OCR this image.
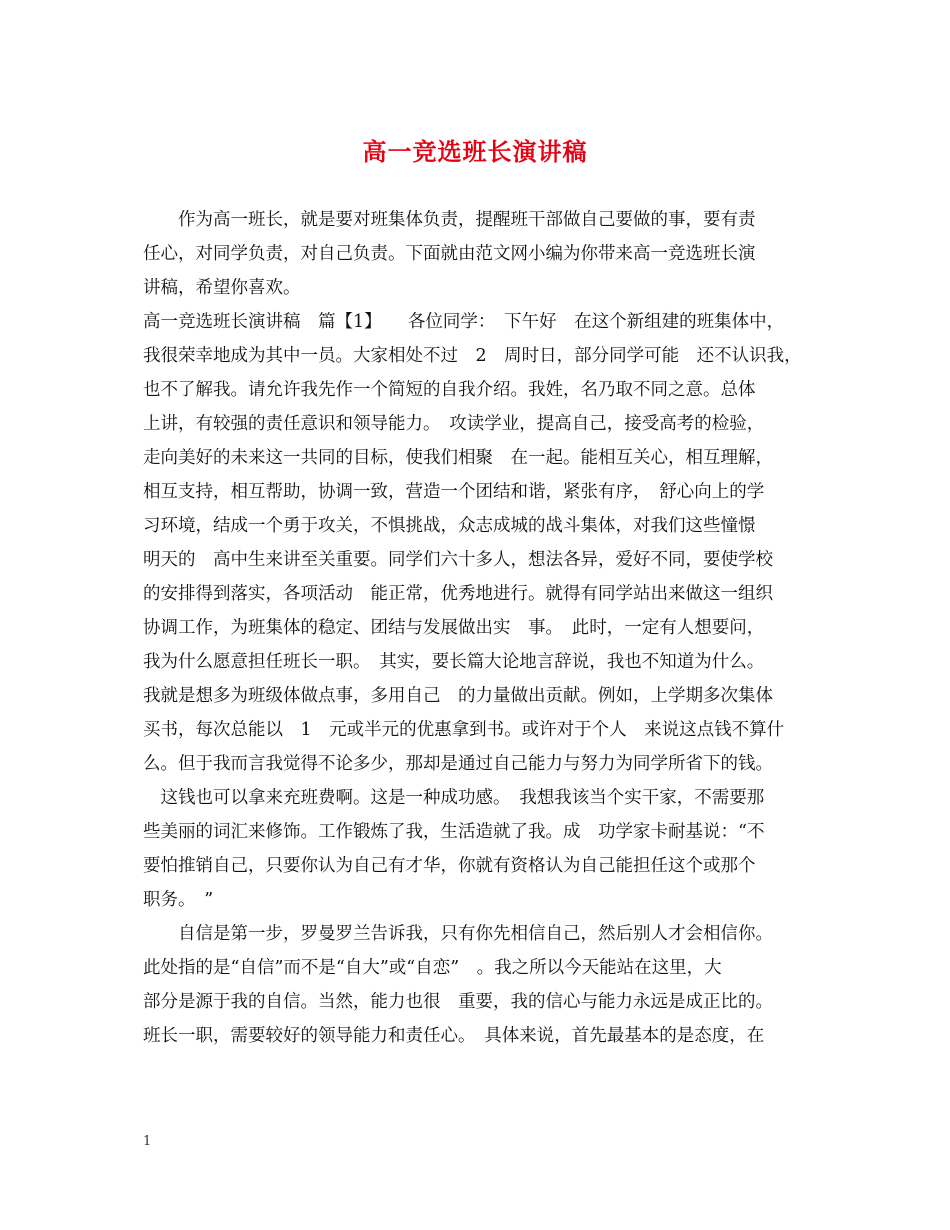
高一竞选班长演讲稿
　　作为高一班长，就是要对班集体负责，提醒班干部做自己要做的事，要有责
任心，对同学负责，对自己负责。下面就由范文网小编为你带来高一竞选班长演
讲稿，希望你喜欢。
高一竞选班长演讲稿　篇【1】　　各位同学：　下午好　在这个新组建的班集体中，
我很荣幸地成为其中一员。大家相处不过　2　周时日，部分同学可能　还不认识我，
也不了解我。请允许我先作一个简短的自我介绍。我姓，名乃取不同之意。总体
上讲，有较强的责任意识和领导能力。　攻读学业，提高自己，接受高考的检验，
走向美好的未来这一共同的目标，使我们相聚　在一起。能相互关心，相互理解，
相互支持，相互帮助，协调一致，营造一个团结和谐，紧张有序，　舒心向上的学
习环境，结成一个勇于攻关，不惧挑战，众志成城的战斗集体，对我们这些憧憬
明天的　高中生来讲至关重要。同学们六十多人，想法各异，爱好不同，要使学校
的安排得到落实，各项活动　能正常，优秀地进行。就得有同学站出来做这一组织
协调工作，为班集体的稳定、团结与发展做出实　事。　此时，一定有人想要问，
我为什么愿意担任班长一职。　其实，要长篇大论地言辞说，我也不知道为什么。
我就是想多为班级体做点事，多用自己　的力量做出贡献。例如，上学期多次集体
买书，每次总能以　1　元或半元的优惠拿到书。或许对于个人　来说这点钱不算什
么。但于我而言我觉得不论多少，那却是通过自己能力与努力为同学所省下的钱。
　这钱也可以拿来充班费啊。这是一种成功感。　我想我该当个实干家，不需要那
些美丽的词汇来修饰。工作锻炼了我，生活造就了我。成　功学家卡耐基说：“不
要怕推销自己，只要你认为自己有才华，你就有资格认为自己能担任这个或那个
职务。　”
　　自信是第一步，罗曼罗兰告诉我，只有你先相信自己，然后别人才会相信你。
此处指的是“自信”而不是“自大”或“自恋”　。我之所以今天能站在这里，大
部分是源于我的自信。当然，能力也很　重要，我的信心与能力永远是成正比的。
班长一职，需要较好的领导能力和责任心。　具体来说，首先最基本的是态度，在
1
